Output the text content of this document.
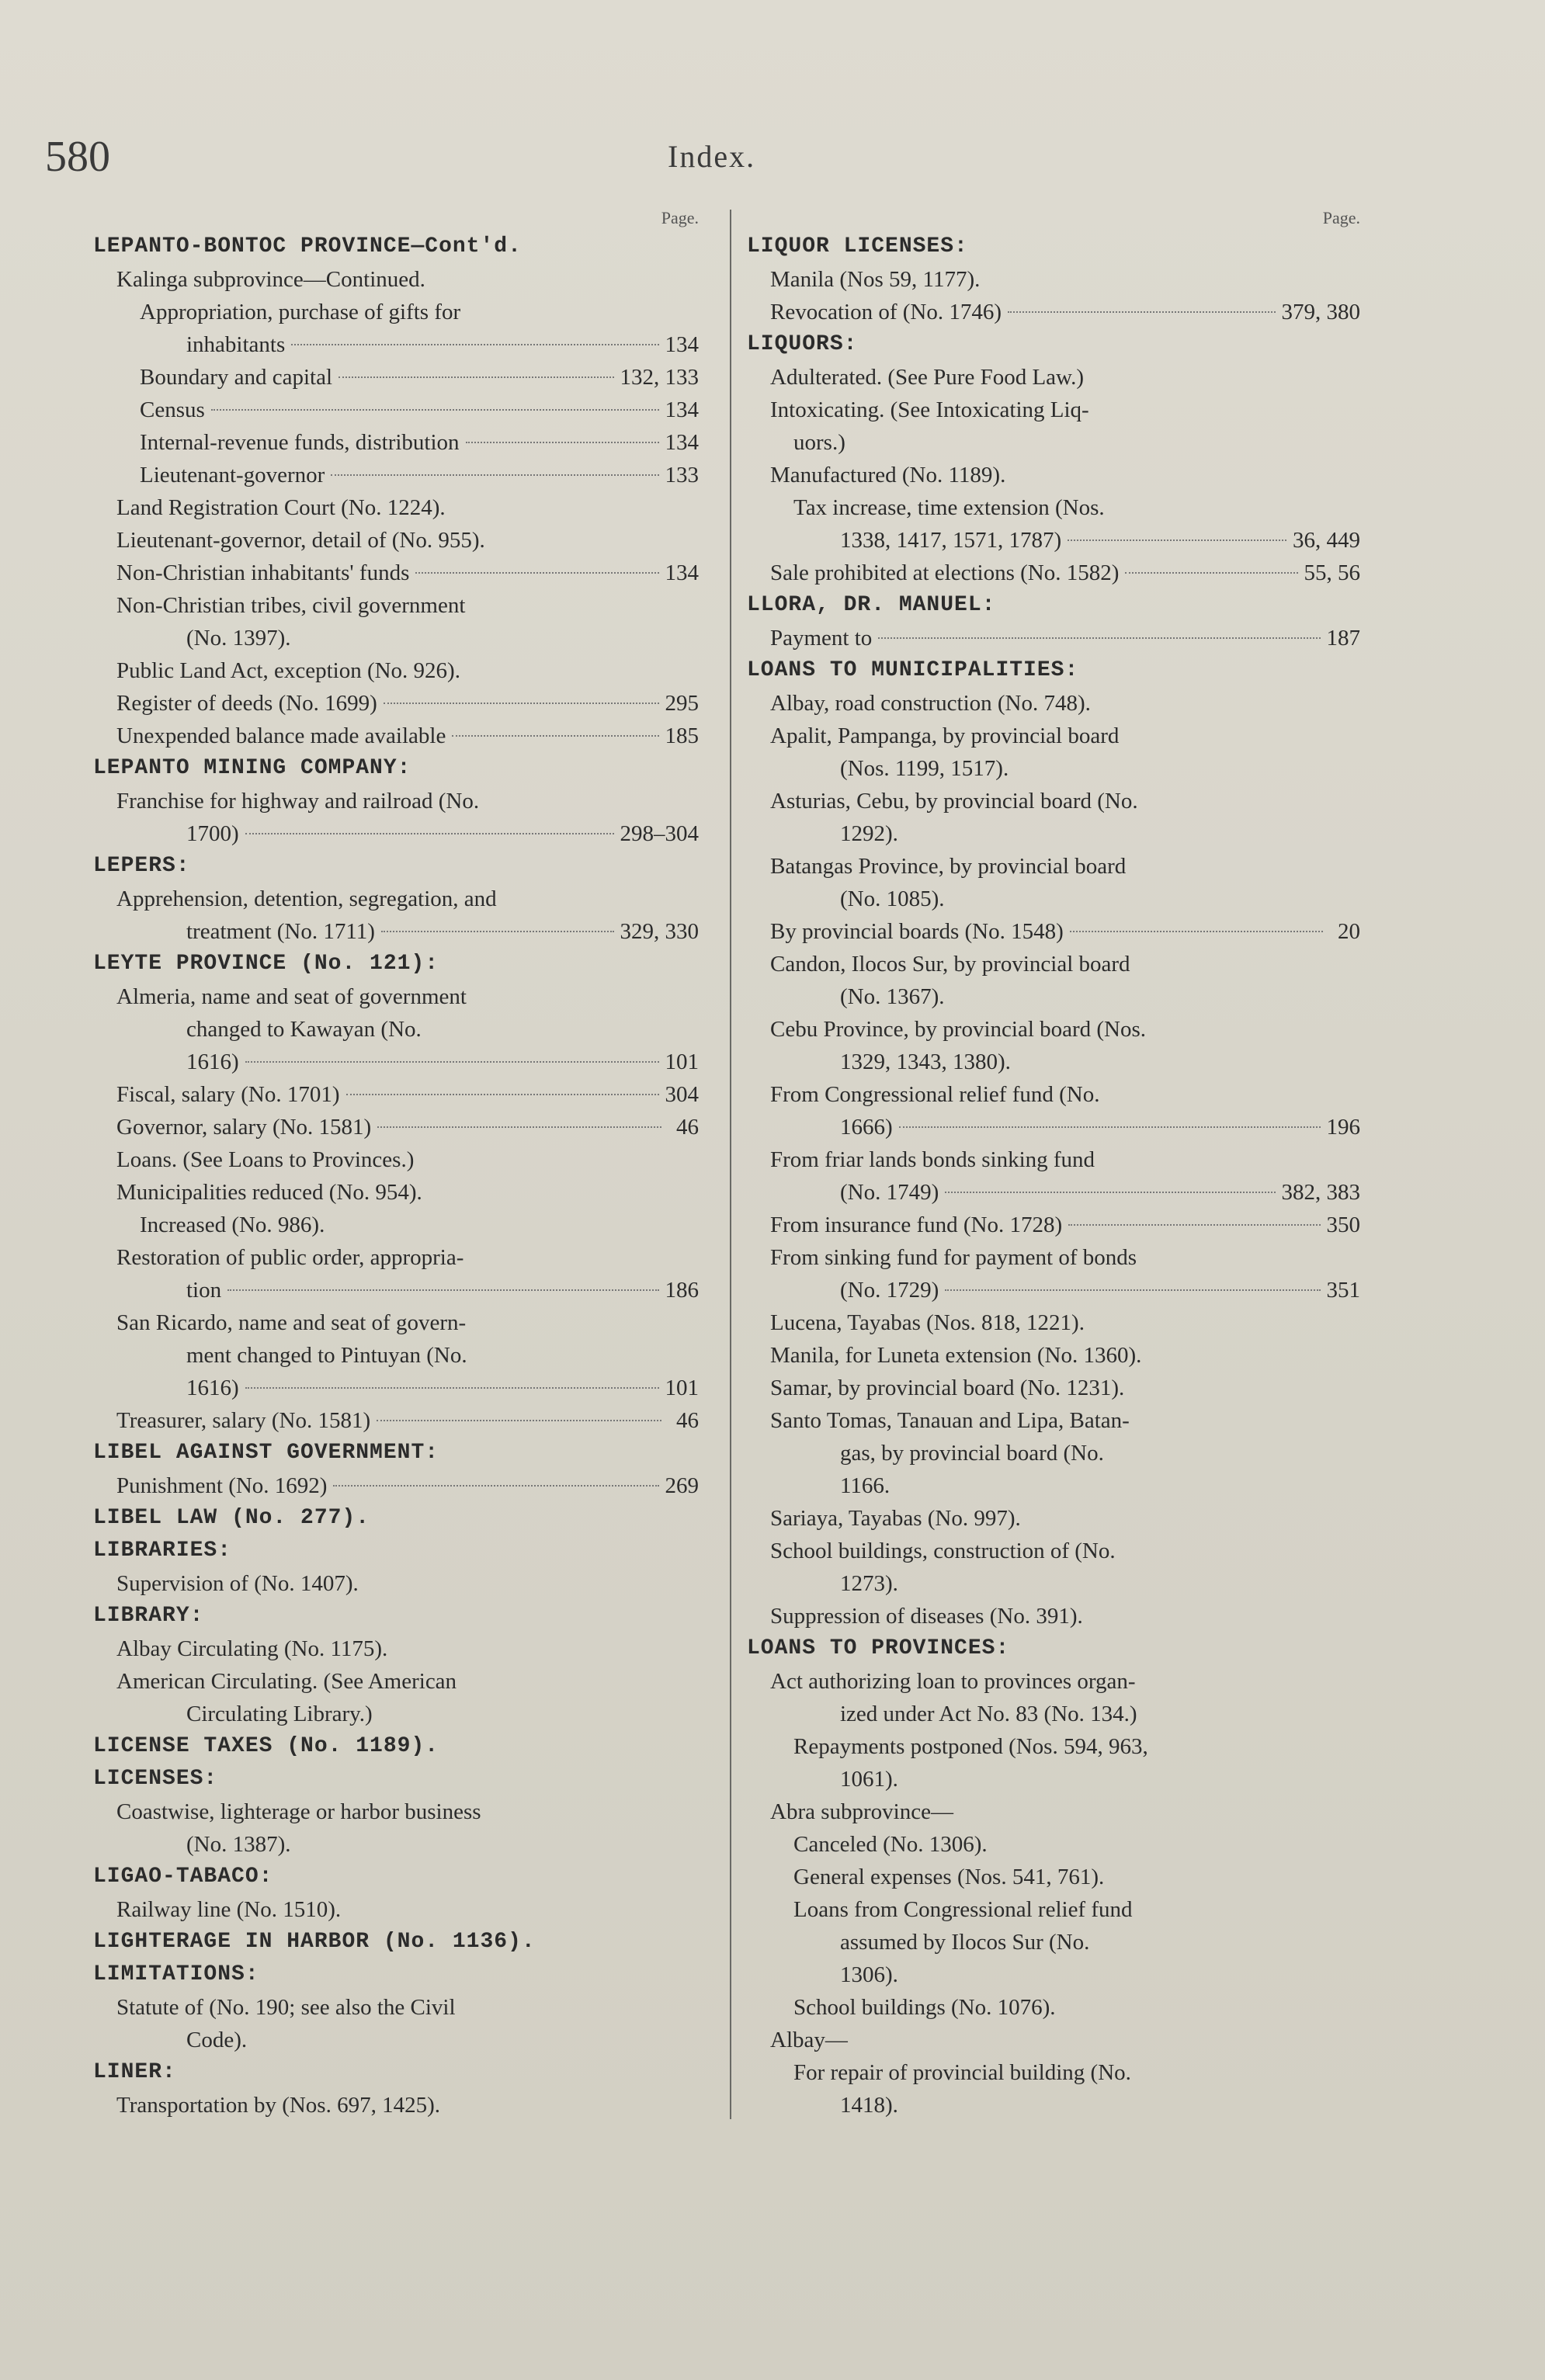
580	Index.
Page.
LEPANTO-BONTOC PROVINCE—Cont'd.
Kalinga subprovince—Continued.
Appropriation, purchase of gifts for
inhabitants	134
Boundary and capital	132, 133
Census	134
Internal-revenue funds, distribution	134
Lieutenant-governor	133
Land Registration Court (No. 1224).
Lieutenant-governor, detail of (No. 955).
Non-Christian inhabitants' funds	134
Non-Christian tribes, civil government
(No. 1397).
Public Land Act, exception (No. 926).
Register of deeds (No. 1699)	295
Unexpended balance made available	185
LEPANTO MINING COMPANY:
Franchise for highway and railroad (No.
1700)	298–304
LEPERS:
Apprehension, detention, segregation, and
treatment (No. 1711)	329, 330
LEYTE PROVINCE (No. 121):
Almeria, name and seat of government
changed to Kawayan (No.
1616)	101
Fiscal, salary (No. 1701)	304
Governor, salary (No. 1581)	46
Loans. (See Loans to Provinces.)
Municipalities reduced (No. 954).
Increased (No. 986).
Restoration of public order, appropria-
tion	186
San Ricardo, name and seat of govern-
ment changed to Pintuyan (No.
1616)	101
Treasurer, salary (No. 1581)	46
LIBEL AGAINST GOVERNMENT:
Punishment (No. 1692)	269
LIBEL LAW (No. 277).
LIBRARIES:
Supervision of (No. 1407).
LIBRARY:
Albay Circulating (No. 1175).
American Circulating. (See American
Circulating Library.)
LICENSE TAXES (No. 1189).
LICENSES:
Coastwise, lighterage or harbor business
(No. 1387).
LIGAO-TABACO:
Railway line (No. 1510).
LIGHTERAGE IN HARBOR (No. 1136).
LIMITATIONS:
Statute of (No. 190; see also the Civil
Code).
LINER:
Transportation by (Nos. 697, 1425).
Page.
LIQUOR LICENSES:
Manila (Nos 59, 1177).
Revocation of (No. 1746)	379, 380
LIQUORS:
Adulterated. (See Pure Food Law.)
Intoxicating. (See Intoxicating Liq-
uors.)
Manufactured (No. 1189).
Tax increase, time extension (Nos.
1338, 1417, 1571, 1787)	36, 449
Sale prohibited at elections (No. 1582)	55, 56
LLORA, DR. MANUEL:
Payment to	187
LOANS TO MUNICIPALITIES:
Albay, road construction (No. 748).
Apalit, Pampanga, by provincial board
(Nos. 1199, 1517).
Asturias, Cebu, by provincial board (No.
1292).
Batangas Province, by provincial board
(No. 1085).
By provincial boards (No. 1548)	20
Candon, Ilocos Sur, by provincial board
(No. 1367).
Cebu Province, by provincial board (Nos.
1329, 1343, 1380).
From Congressional relief fund (No.
1666)	196
From friar lands bonds sinking fund
(No. 1749)	382, 383
From insurance fund (No. 1728)	350
From sinking fund for payment of bonds
(No. 1729)	351
Lucena, Tayabas (Nos. 818, 1221).
Manila, for Luneta extension (No. 1360).
Samar, by provincial board (No. 1231).
Santo Tomas, Tanauan and Lipa, Batan-
gas, by provincial board (No.
1166.
Sariaya, Tayabas (No. 997).
School buildings, construction of (No.
1273).
Suppression of diseases (No. 391).
LOANS TO PROVINCES:
Act authorizing loan to provinces organ-
ized under Act No. 83 (No. 134.)
Repayments postponed (Nos. 594, 963,
1061).
Abra subprovince—
Canceled (No. 1306).
General expenses (Nos. 541, 761).
Loans from Congressional relief fund
assumed by Ilocos Sur (No.
1306).
School buildings (No. 1076).
Albay—
For repair of provincial building (No.
1418).
